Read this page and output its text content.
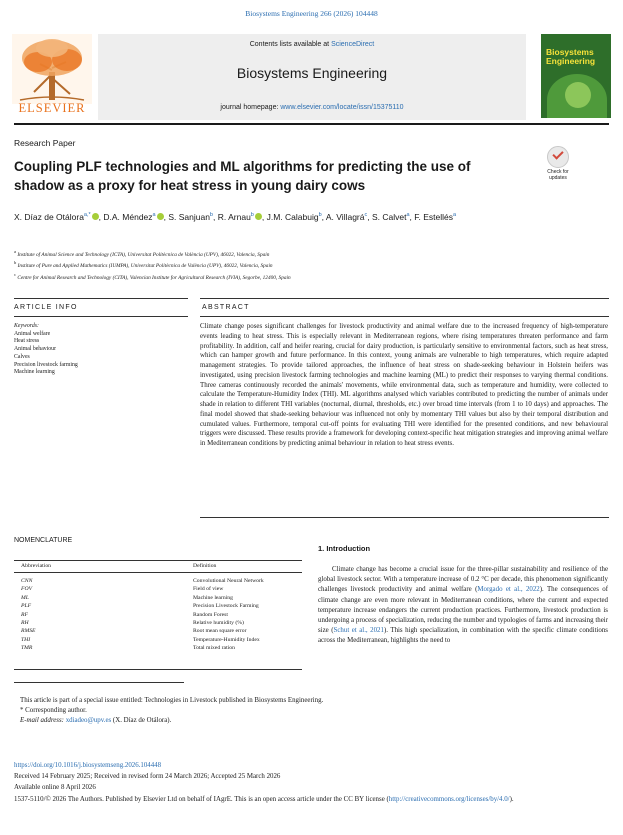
Biosystems Engineering 266 (2026) 104448
ELSEVIER
Contents lists available at ScienceDirect
Biosystems Engineering
journal homepage: www.elsevier.com/locate/issn/15375110
Biosystems Engineering
Research Paper
Coupling PLF technologies and ML algorithms for predicting the use of shadow as a proxy for heat stress in young dairy cows
Check for updates
X. Díaz de Otálora$^{a,*}$ , D.A. Méndez$^a$ , S. Sanjuan$^b$, R. Arnau$^b$ , J.M. Calabuig$^b$, A. Villagrá$^c$, S. Calvet$^a$, F. Estellés$^a$
$^a$ Institute of Animal Science and Technology (ICTA), Universitat Politècnica de València (UPV), 46022, Valencia, Spain
$^b$ Institute of Pure and Applied Mathematics (IUMPA), Universitat Politècnica de València (UPV), 46022, Valencia, Spain
$^c$ Centre for Animal Research and Technology (CITA), Valencian Institute for Agricultural Research (IVIA), Segorbe, 12400, Spain
ARTICLE INFO	ABSTRACT
Keywords:
Animal welfare
Heat stress
Animal behaviour
Calves
Precision livestock farming
Machine learning
Climate change poses significant challenges for livestock productivity and animal welfare due to the increased frequency of high-temperature events leading to heat stress. This is especially relevant in Mediterranean regions, where rising temperatures threaten performance and farm profitability. In addition, calf and heifer rearing, crucial for dairy production, is particularly sensitive to environmental factors, such as heat stress, which can hamper growth and future performance. In this context, young animals are vulnerable to high temperatures, which require adapted management strategies. To provide tailored approaches, the influence of heat stress on shade-seeking behaviour in Holstein heifers was investigated, using precision livestock farming technologies and machine learning (ML) to predict their responses to varying thermal conditions. Three cameras continuously recorded the animals' movements, while environmental data, such as temperature and humidity, were collected to calculate the Temperature-Humidity Index (THI). ML algorithms analysed which variables contributed to predicting the number of animals under shade in relation to different THI variables (nocturnal, diurnal, thresholds, etc.) over broad time intervals (from 1 to 10 days) and approaches. The final model showed that shade-seeking behaviour was influenced not only by momentary THI values but also by their temporal distribution and cumulated values. Furthermore, temporal cut-off points for evaluating THI were identified for the presented conditions, and new behavioural triggers were discussed. These results provide a framework for developing context-specific heat mitigation strategies and improving animal welfare in Mediterranean conditions by predicting animal behaviour in relation to heat stress events.
NOMENCLATURE
Abbreviation	Definition
CNN	Convolutional Neural Network
FOV	Field of view
ML	Machine learning
PLF	Precision Livestock Farming
RF	Random Forest
RH	Relative humidity (%)
RMSE	Root mean square error
THI	Temperature-Humidity Index
TMR	Total mixed ration
1. Introduction
Climate change has become a crucial issue for the three-pillar sustainability and resilience of the global livestock sector. With a temperature increase of 0.2 °C per decade, this phenomenon significantly challenges livestock productivity and animal welfare (Morgado et al., 2022). The consequences of climate change are even more relevant in Mediterranean conditions, where the current and expected temperature increase endangers the current production practices. Furthermore, livestock production is undergoing a process of specialization, reducing the number and typologies of farms and increasing their size (Schut et al., 2021). This high specialization, in combination with the specific climate conditions across the Mediterranean, highlights the need to
This article is part of a special issue entitled: Technologies in Livestock published in Biosystems Engineering.
* Corresponding author.
E-mail address: xdiadeo@upv.es (X. Díaz de Otálora).
https://doi.org/10.1016/j.biosystemseng.2026.104448
Received 14 February 2025; Received in revised form 24 March 2026; Accepted 25 March 2026
Available online 8 April 2026
1537-5110/© 2026 The Authors. Published by Elsevier Ltd on behalf of IAgrE. This is an open access article under the CC BY license (http://creativecommons.org/licenses/by/4.0/).
